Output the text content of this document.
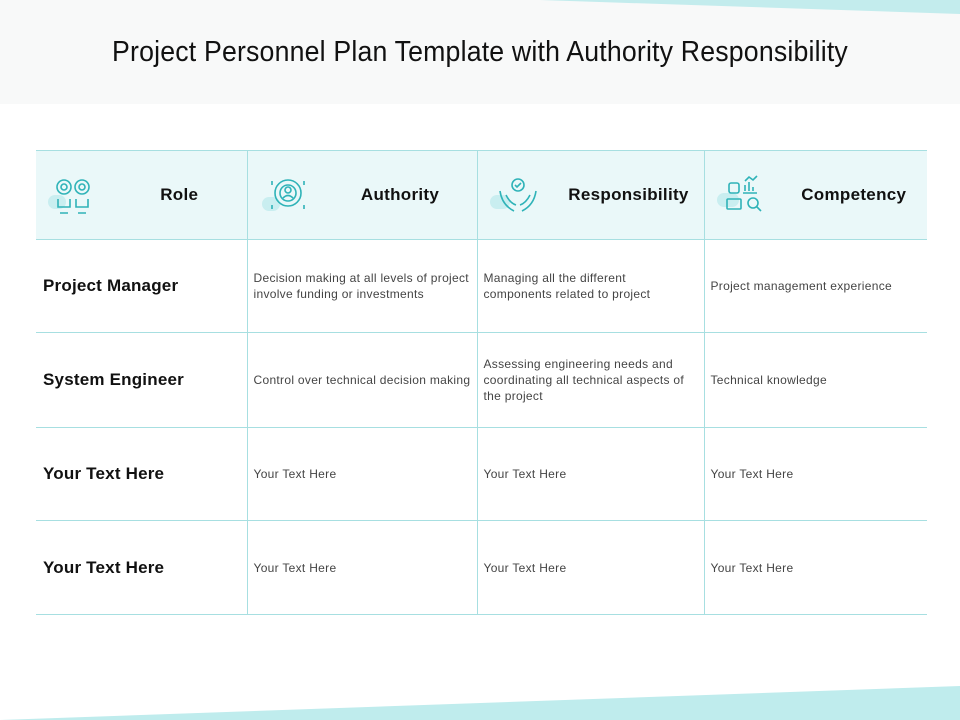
Project Personnel Plan Template with Authority Responsibility
Role	Authority	Responsibility	Competency

Project Manager	Decision making at all levels of project involve funding or investments	Managing all the different components related to project	Project management experience
System Engineer	Control over technical decision making	Assessing engineering needs and coordinating all technical aspects of the project	Technical knowledge
Your Text Here	Your Text Here	Your Text Here	Your Text Here
Your Text Here	Your Text Here	Your Text Here	Your Text Here
